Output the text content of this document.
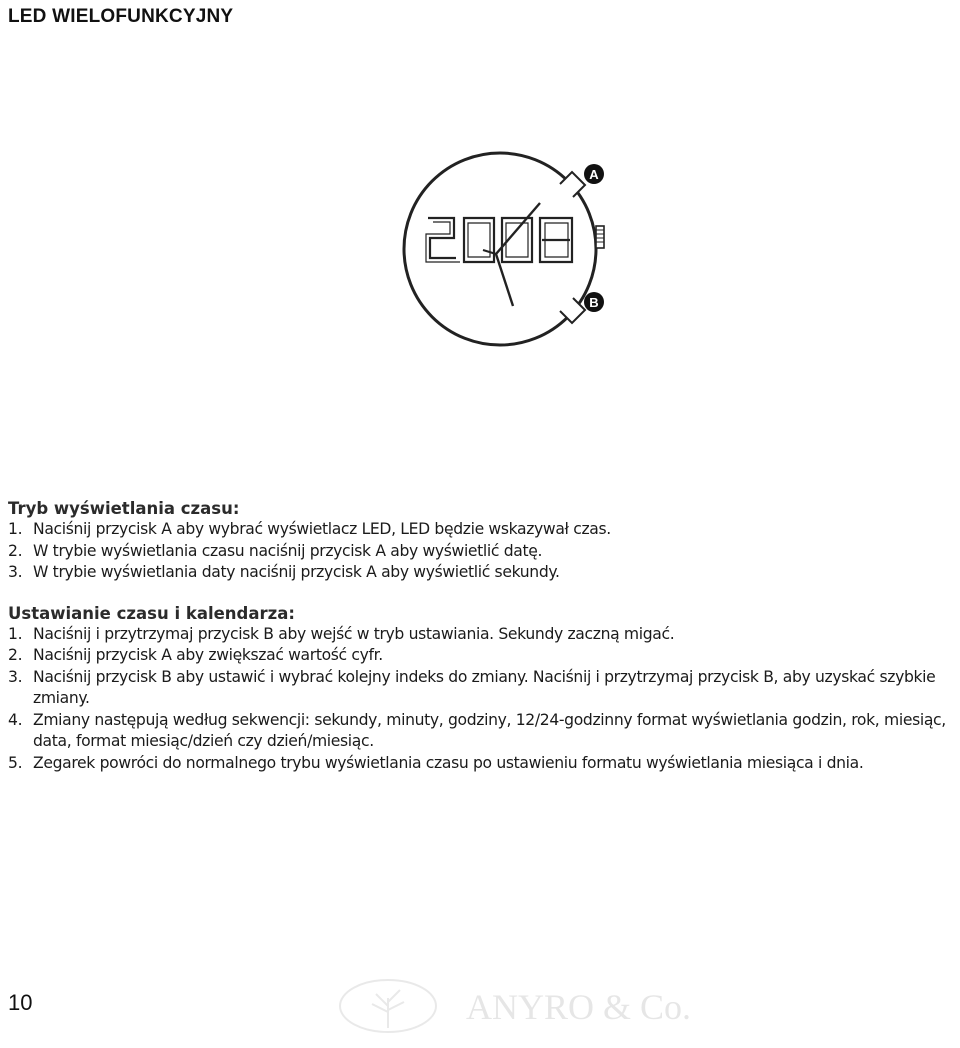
LED WIELOFUNKCYJNY
A
B

Tryb wyświetlania czasu:

1. Naciśnij przycisk A aby wybrać wyświetlacz LED, LED będzie wskazywał czas.
2. W trybie wyświetlania czasu naciśnij przycisk A aby wyświetlić datę.
3. W trybie wyświetlania daty naciśnij przycisk A aby wyświetlić sekundy.

Ustawianie czasu i kalendarza:

1. Naciśnij i przytrzymaj przycisk B aby wejść w tryb ustawiania. Sekundy zaczną migać.
2. Naciśnij przycisk A aby zwiększać wartość cyfr.
3. Naciśnij przycisk B aby ustawić i wybrać kolejny indeks do zmiany. Naciśnij i przytrzymaj przycisk B, aby uzyskać szybkie zmiany.
4. Zmiany następują według sekwencji: sekundy, minuty, godziny, 12/24-godzinny format wyświetlania godzin, rok, miesiąc, data, format miesiąc/dzień czy dzień/miesiąc.
5. Zegarek powróci do normalnego trybu wyświetlania czasu po ustawieniu formatu wyświetlania miesiąca i dnia.
10	ANYRO & Co.
